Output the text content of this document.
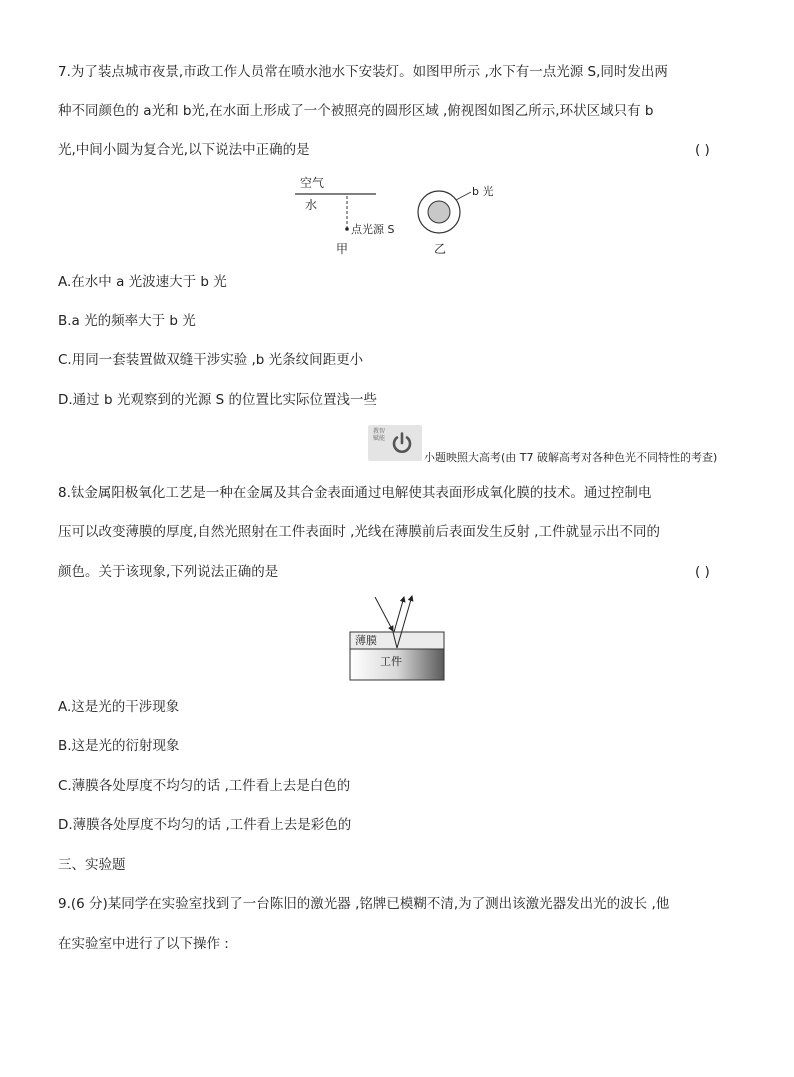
7.为了装点城市夜景,市政工作人员常在喷水池水下安装灯。如图甲所示 ,水下有一点光源 S,同时发出两
种不同颜色的 a光和 b光,在水面上形成了一个被照亮的圆形区域 ,俯视图如图乙所示,环状区域只有 b
光,中间小圆为复合光,以下说法中正确的是	( )
空气
水
点光源 S
甲
b 光
乙
A.在水中 a 光波速大于 b 光
B.a 光的频率大于 b 光
C.用同一套装置做双缝干涉实验 ,b 光条纹间距更小
D.通过 b 光观察到的光源 S 的位置比实际位置浅一些
教智赋能
小题映照大高考(由 T7 破解高考对各种色光不同特性的考查)
8.钛金属阳极氧化工艺是一种在金属及其合金表面通过电解使其表面形成氧化膜的技术。通过控制电
压可以改变薄膜的厚度,自然光照射在工件表面时 ,光线在薄膜前后表面发生反射 ,工件就显示出不同的
颜色。关于该现象,下列说法正确的是	( )
薄膜
工件
A.这是光的干涉现象
B.这是光的衍射现象
C.薄膜各处厚度不均匀的话 ,工件看上去是白色的
D.薄膜各处厚度不均匀的话 ,工件看上去是彩色的
三、实验题
9.(6 分)某同学在实验室找到了一台陈旧的激光器 ,铭牌已模糊不清,为了测出该激光器发出光的波长 ,他
在实验室中进行了以下操作 :
